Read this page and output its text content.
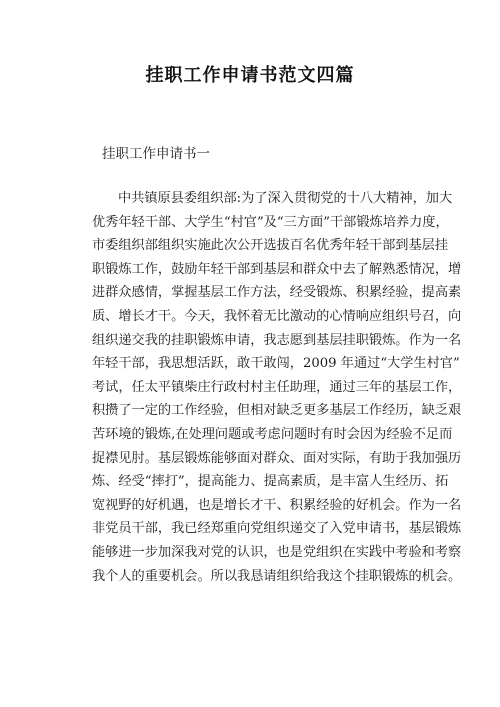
挂职工作申请书范文四篇
挂职工作申请书一
中共镇原县委组织部:为了深入贯彻党的十八大精神，加大
优秀年轻干部、大学生“村官”及“三方面”干部锻炼培养力度，
市委组织部组织实施此次公开选拔百名优秀年轻干部到基层挂
职锻炼工作，鼓励年轻干部到基层和群众中去了解熟悉情况，增
进群众感情，掌握基层工作方法，经受锻炼、积累经验，提高素
质、增长才干。今天，我怀着无比激动的心情响应组织号召，向
组织递交我的挂职锻炼申请，我志愿到基层挂职锻炼。作为一名
年轻干部，我思想活跃，敢干敢闯，2009 年通过“大学生村官”
考试，任太平镇柴庄行政村村主任助理，通过三年的基层工作，
积攒了一定的工作经验，但相对缺乏更多基层工作经历，缺乏艰
苦环境的锻炼,在处理问题或考虑问题时有时会因为经验不足而
捉襟见肘。基层锻炼能够面对群众、面对实际，有助于我加强历
炼、经受“摔打”，提高能力、提高素质，是丰富人生经历、拓
宽视野的好机遇，也是增长才干、积累经验的好机会。作为一名
非党员干部，我已经郑重向党组织递交了入党申请书，基层锻炼
能够进一步加深我对党的认识，也是党组织在实践中考验和考察
我个人的重要机会。所以我恳请组织给我这个挂职锻炼的机会。
